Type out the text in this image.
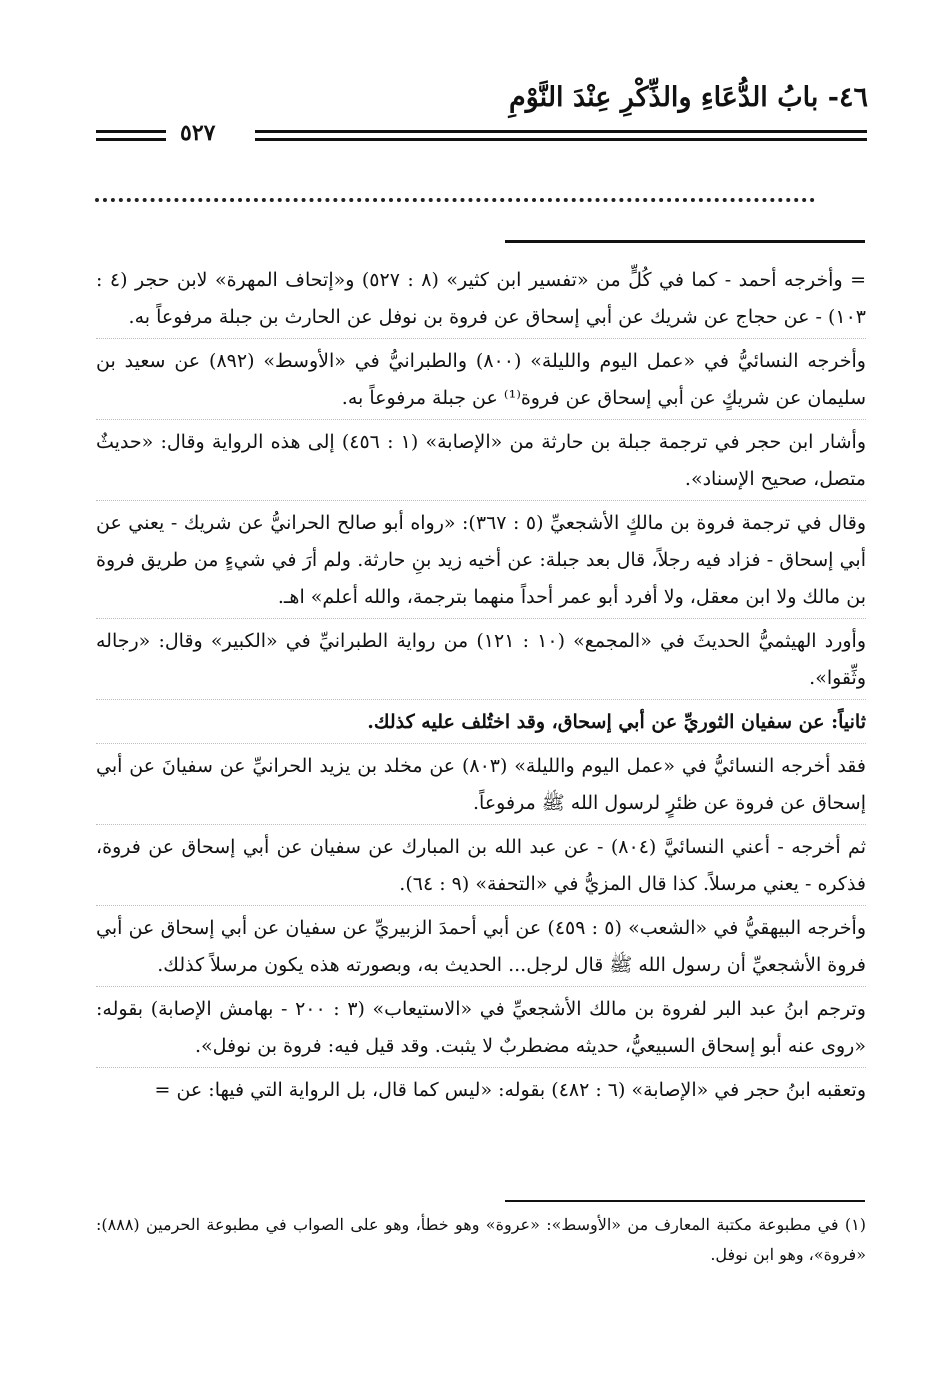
٤٦- بابُ الدُّعَاءِ والذِّكْرِ عِنْدَ النَّوْمِ
٥٢٧

= وأخرجه أحمد - كما في كُلٍّ من «تفسير ابن كثير» (٨ : ٥٢٧) و«إتحاف المهرة» لابن حجر (٤ : ١٠٣) - عن حجاج عن شريك عن أبي إسحاق عن فروة بن نوفل عن الحارث بن جبلة مرفوعاً به.

وأخرجه النسائيُّ في «عمل اليوم والليلة» (٨٠٠) والطبرانيُّ في «الأوسط» (٨٩٢) عن سعيد بن سليمان عن شريكٍ عن أبي إسحاق عن فروة⁽¹⁾ عن جبلة مرفوعاً به.

وأشار ابن حجر في ترجمة جبلة بن حارثة من «الإصابة» (١ : ٤٥٦) إلى هذه الرواية وقال: «حديثٌ متصل، صحيح الإسناد».

وقال في ترجمة فروة بن مالكٍ الأشجعيِّ (٥ : ٣٦٧): «رواه أبو صالح الحرانيُّ عن شريك - يعني عن أبي إسحاق - فزاد فيه رجلاً، قال بعد جبلة: عن أخيه زيد بنِ حارثة. ولم أرَ في شيءٍ من طريق فروة بن مالك ولا ابن معقل، ولا أفرد أبو عمر أحداً منهما بترجمة، والله أعلم» اهـ.

وأورد الهيثميُّ الحديثَ في «المجمع» (١٠ : ١٢١) من رواية الطبرانيِّ في «الكبير» وقال: «رجاله وثِّقوا».

ثانياً: عن سفيان الثوريِّ عن أبي إسحاق، وقد اختُلف عليه كذلك.

فقد أخرجه النسائيُّ في «عمل اليوم والليلة» (٨٠٣) عن مخلد بن يزيد الحرانيِّ عن سفيانَ عن أبي إسحاق عن فروة عن ظئرٍ لرسول الله ﷺ مرفوعاً.

ثم أخرجه - أعني النسائيَّ (٨٠٤) - عن عبد الله بن المبارك عن سفيان عن أبي إسحاق عن فروة، فذكره - يعني مرسلاً. كذا قال المزيُّ في «التحفة» (٩ : ٦٤).

وأخرجه البيهقيُّ في «الشعب» (٥ : ٤٥٩) عن أبي أحمدَ الزبيريِّ عن سفيان عن أبي إسحاق عن أبي فروة الأشجعيِّ أن رسول الله ﷺ قال لرجل... الحديث به، وبصورته هذه يكون مرسلاً كذلك.

وترجم ابنُ عبد البر لفروة بن مالك الأشجعيِّ في «الاستيعاب» (٣ : ٢٠٠ - بهامش الإصابة) بقوله: «روى عنه أبو إسحاق السبيعيُّ، حديثه مضطربٌ لا يثبت. وقد قيل فيه: فروة بن نوفل».

وتعقبه ابنُ حجر في «الإصابة» (٦ : ٤٨٢) بقوله: «ليس كما قال، بل الرواية التي فيها: عن =

(١) في مطبوعة مكتبة المعارف من «الأوسط»: «عروة» وهو خطأ، وهو على الصواب في مطبوعة الحرمين (٨٨٨): «فروة»، وهو ابن نوفل.
